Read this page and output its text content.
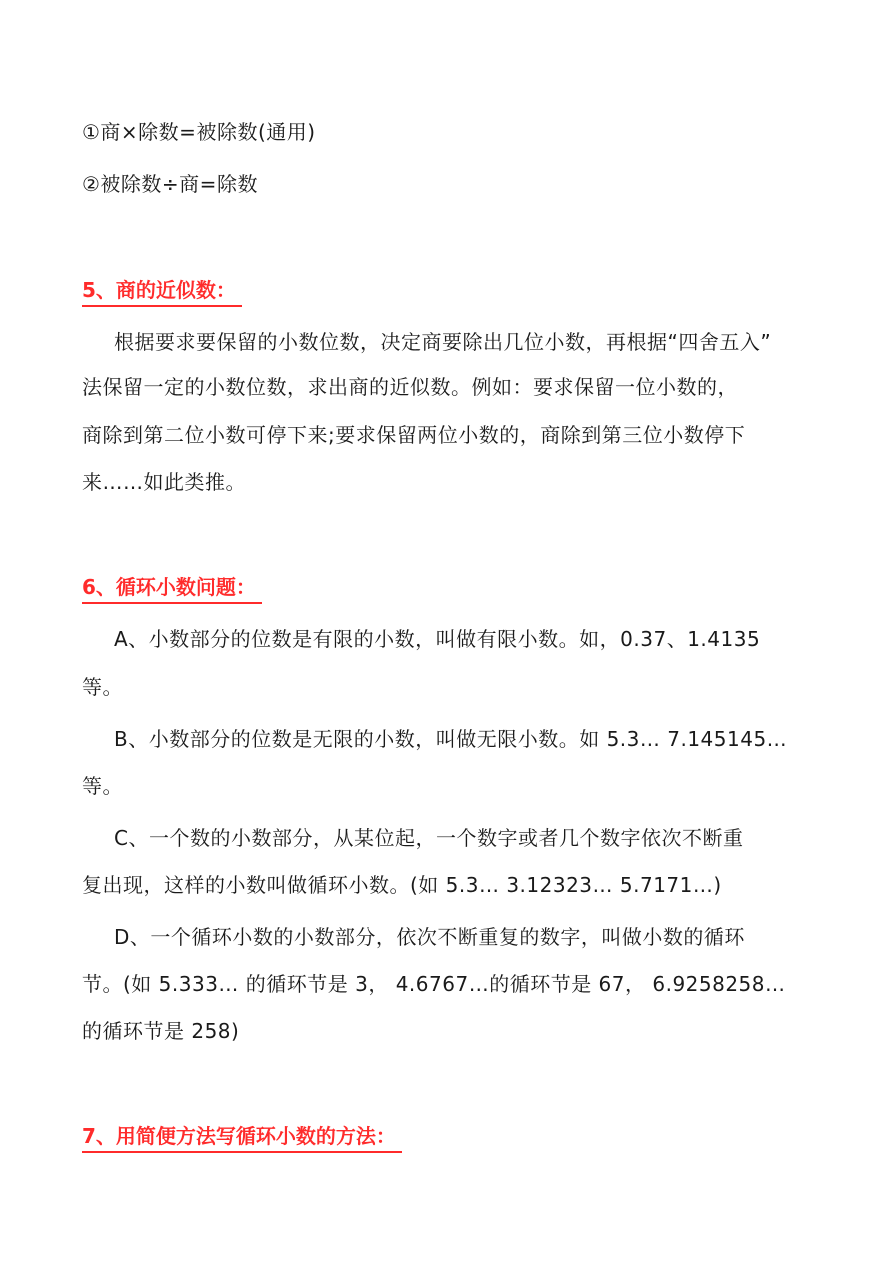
①商×除数=被除数(通用)
②被除数÷商=除数
5、商的近似数：
根据要求要保留的小数位数，决定商要除出几位小数，再根据“四舍五入”
法保留一定的小数位数，求出商的近似数。例如：要求保留一位小数的，
商除到第二位小数可停下来;要求保留两位小数的，商除到第三位小数停下
来……如此类推。
6、循环小数问题：
A、小数部分的位数是有限的小数，叫做有限小数。如，0.37、1.4135
等。
B、小数部分的位数是无限的小数，叫做无限小数。如 5.3… 7.145145…
等。
C、一个数的小数部分，从某位起，一个数字或者几个数字依次不断重
复出现，这样的小数叫做循环小数。(如 5.3… 3.12323… 5.7171…)
D、一个循环小数的小数部分，依次不断重复的数字，叫做小数的循环
节。(如 5.333… 的循环节是 3， 4.6767…的循环节是 67， 6.9258258…
的循环节是 258)
7、用简便方法写循环小数的方法：
